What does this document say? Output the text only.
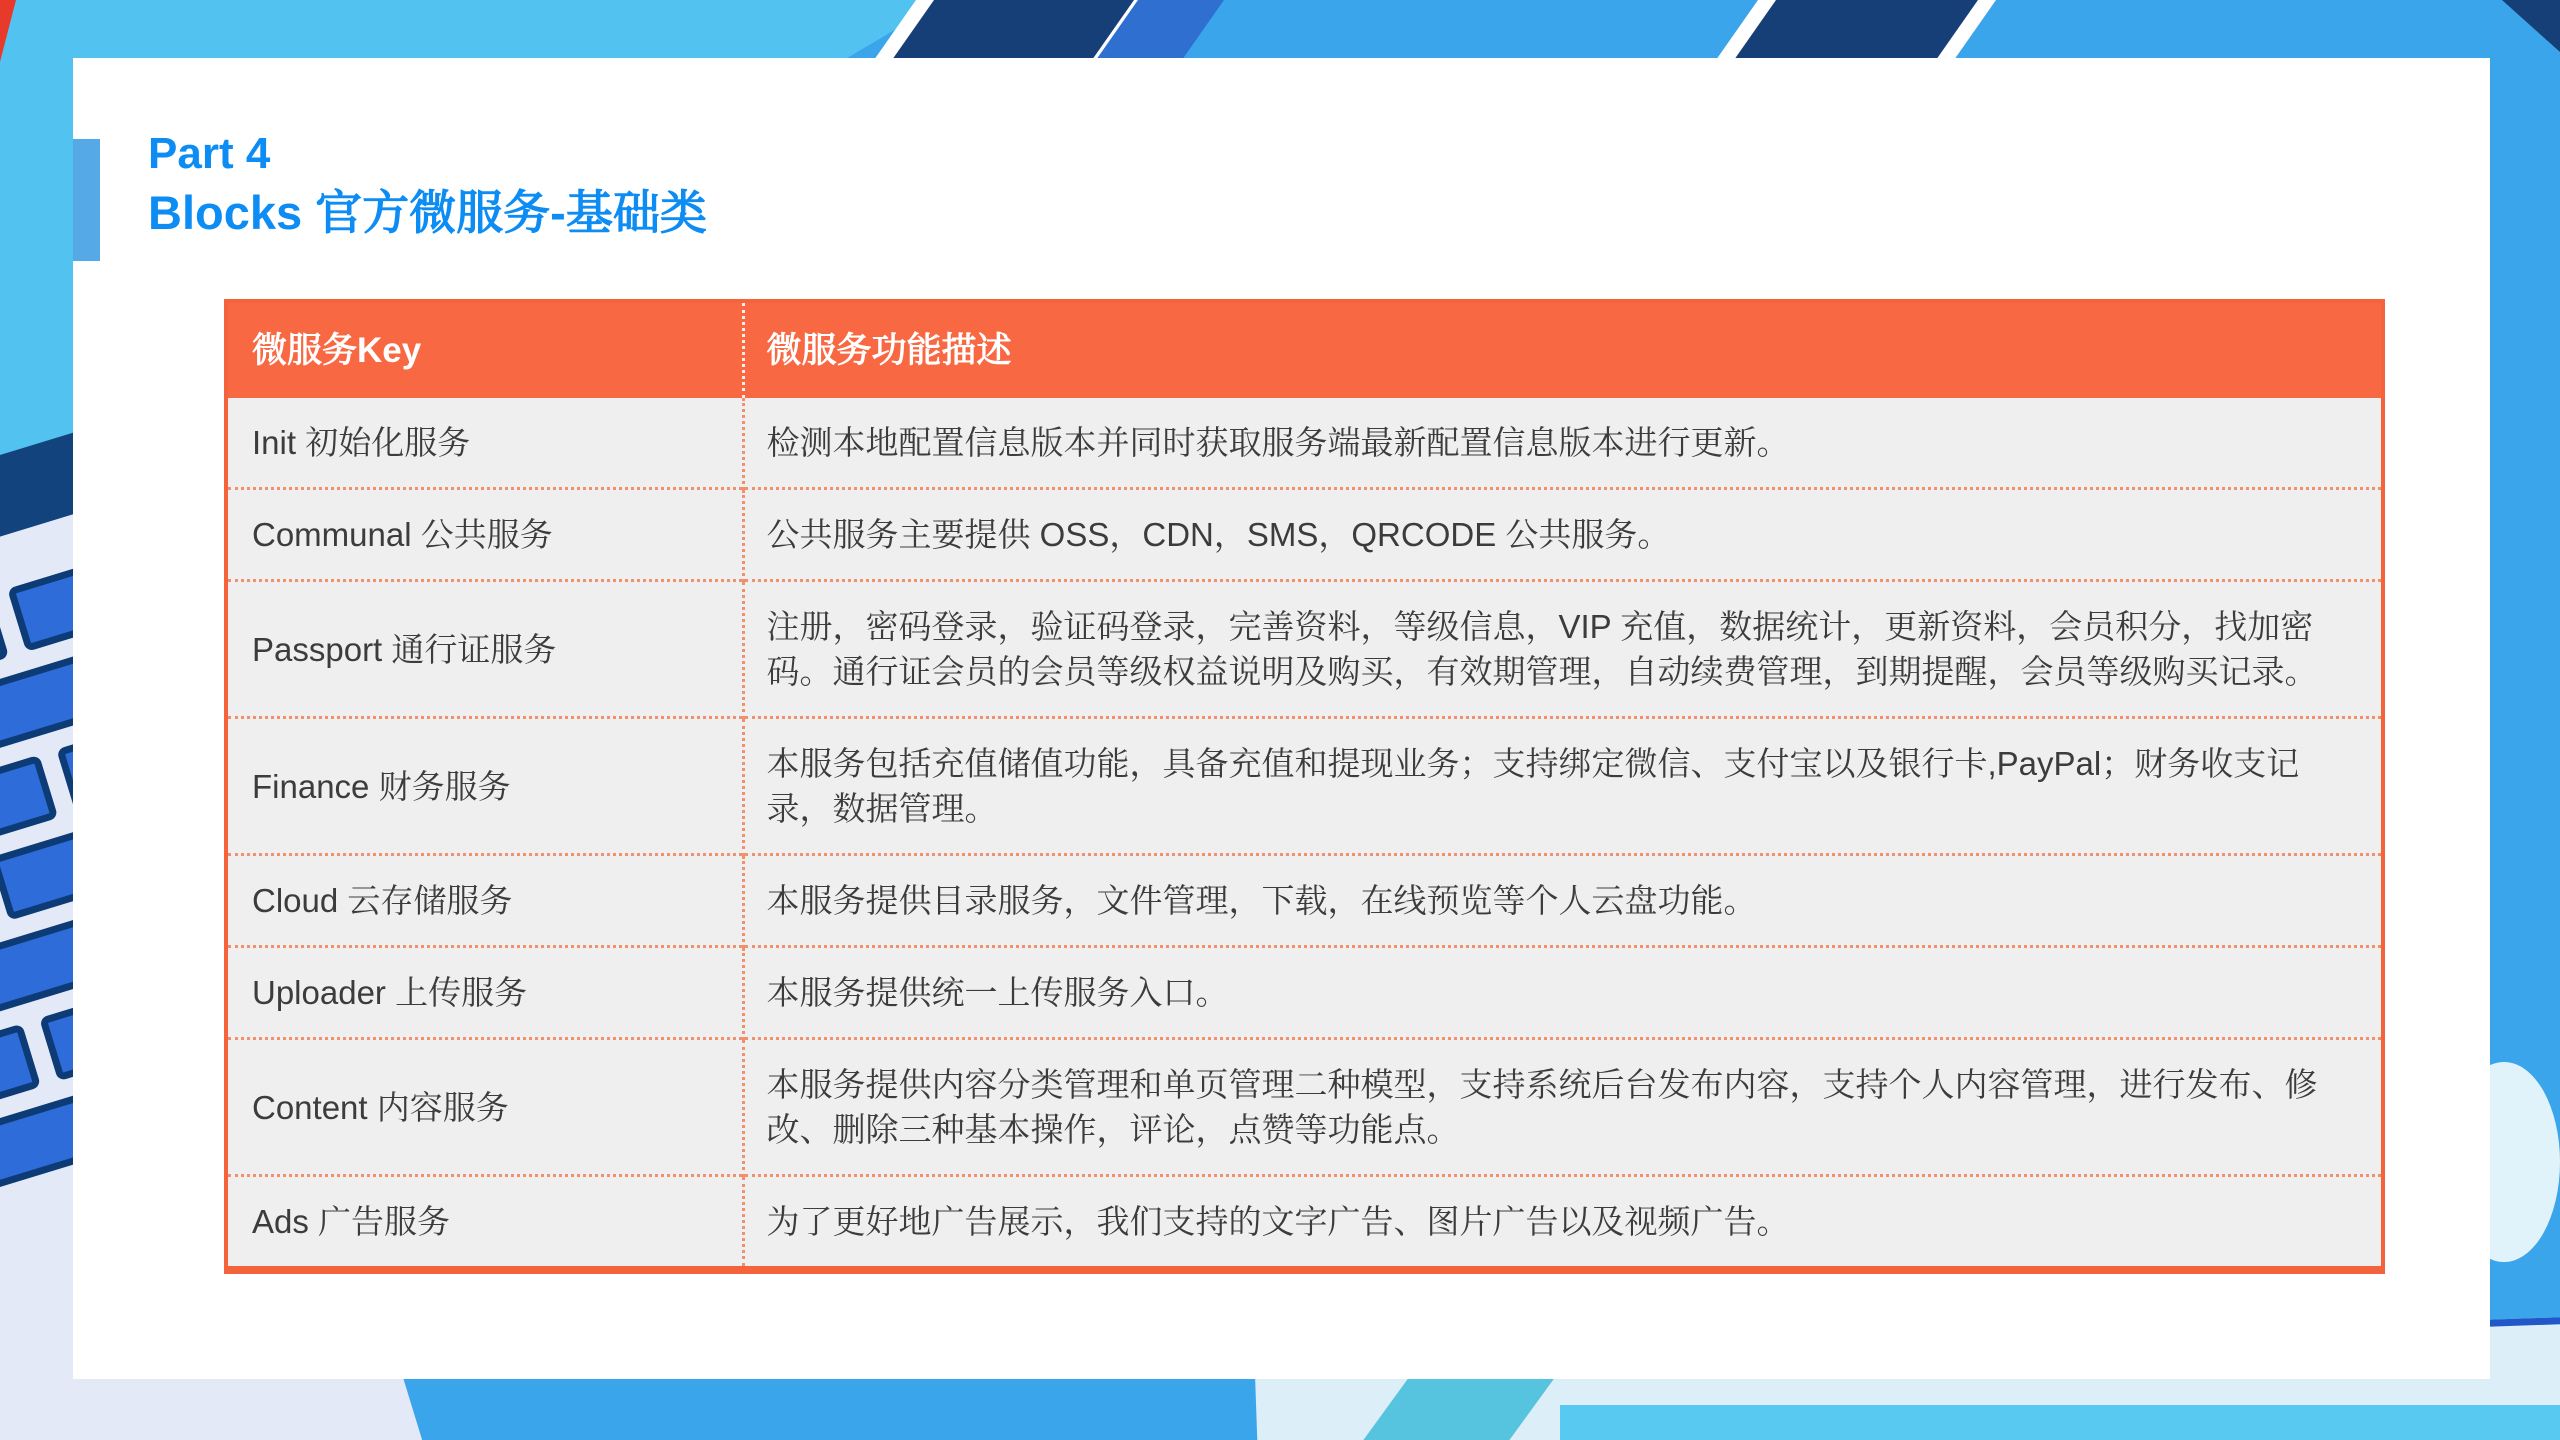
Part 4
Blocks 官方微服务-基础类
微服务Key	微服务功能描述
Init 初始化服务	检测本地配置信息版本并同时获取服务端最新配置信息版本进行更新。
Communal 公共服务	公共服务主要提供 OSS，CDN，SMS，QRCODE 公共服务。
Passport 通行证服务	注册，密码登录，验证码登录，完善资料，等级信息，VIP 充值，数据统计，更新资料，会员积分，找加密码。通行证会员的会员等级权益说明及购买，有效期管理，自动续费管理，到期提醒，会员等级购买记录。
Finance 财务服务	本服务包括充值储值功能，具备充值和提现业务；支持绑定微信、支付宝以及银行卡,PayPal；财务收支记录，数据管理。
Cloud 云存储服务	本服务提供目录服务，文件管理，下载，在线预览等个人云盘功能。
Uploader 上传服务	本服务提供统一上传服务入口。
Content 内容服务	本服务提供内容分类管理和单页管理二种模型，支持系统后台发布内容，支持个人内容管理，进行发布、修改、删除三种基本操作，评论，点赞等功能点。
Ads 广告服务	为了更好地广告展示，我们支持的文字广告、图片广告以及视频广告。
